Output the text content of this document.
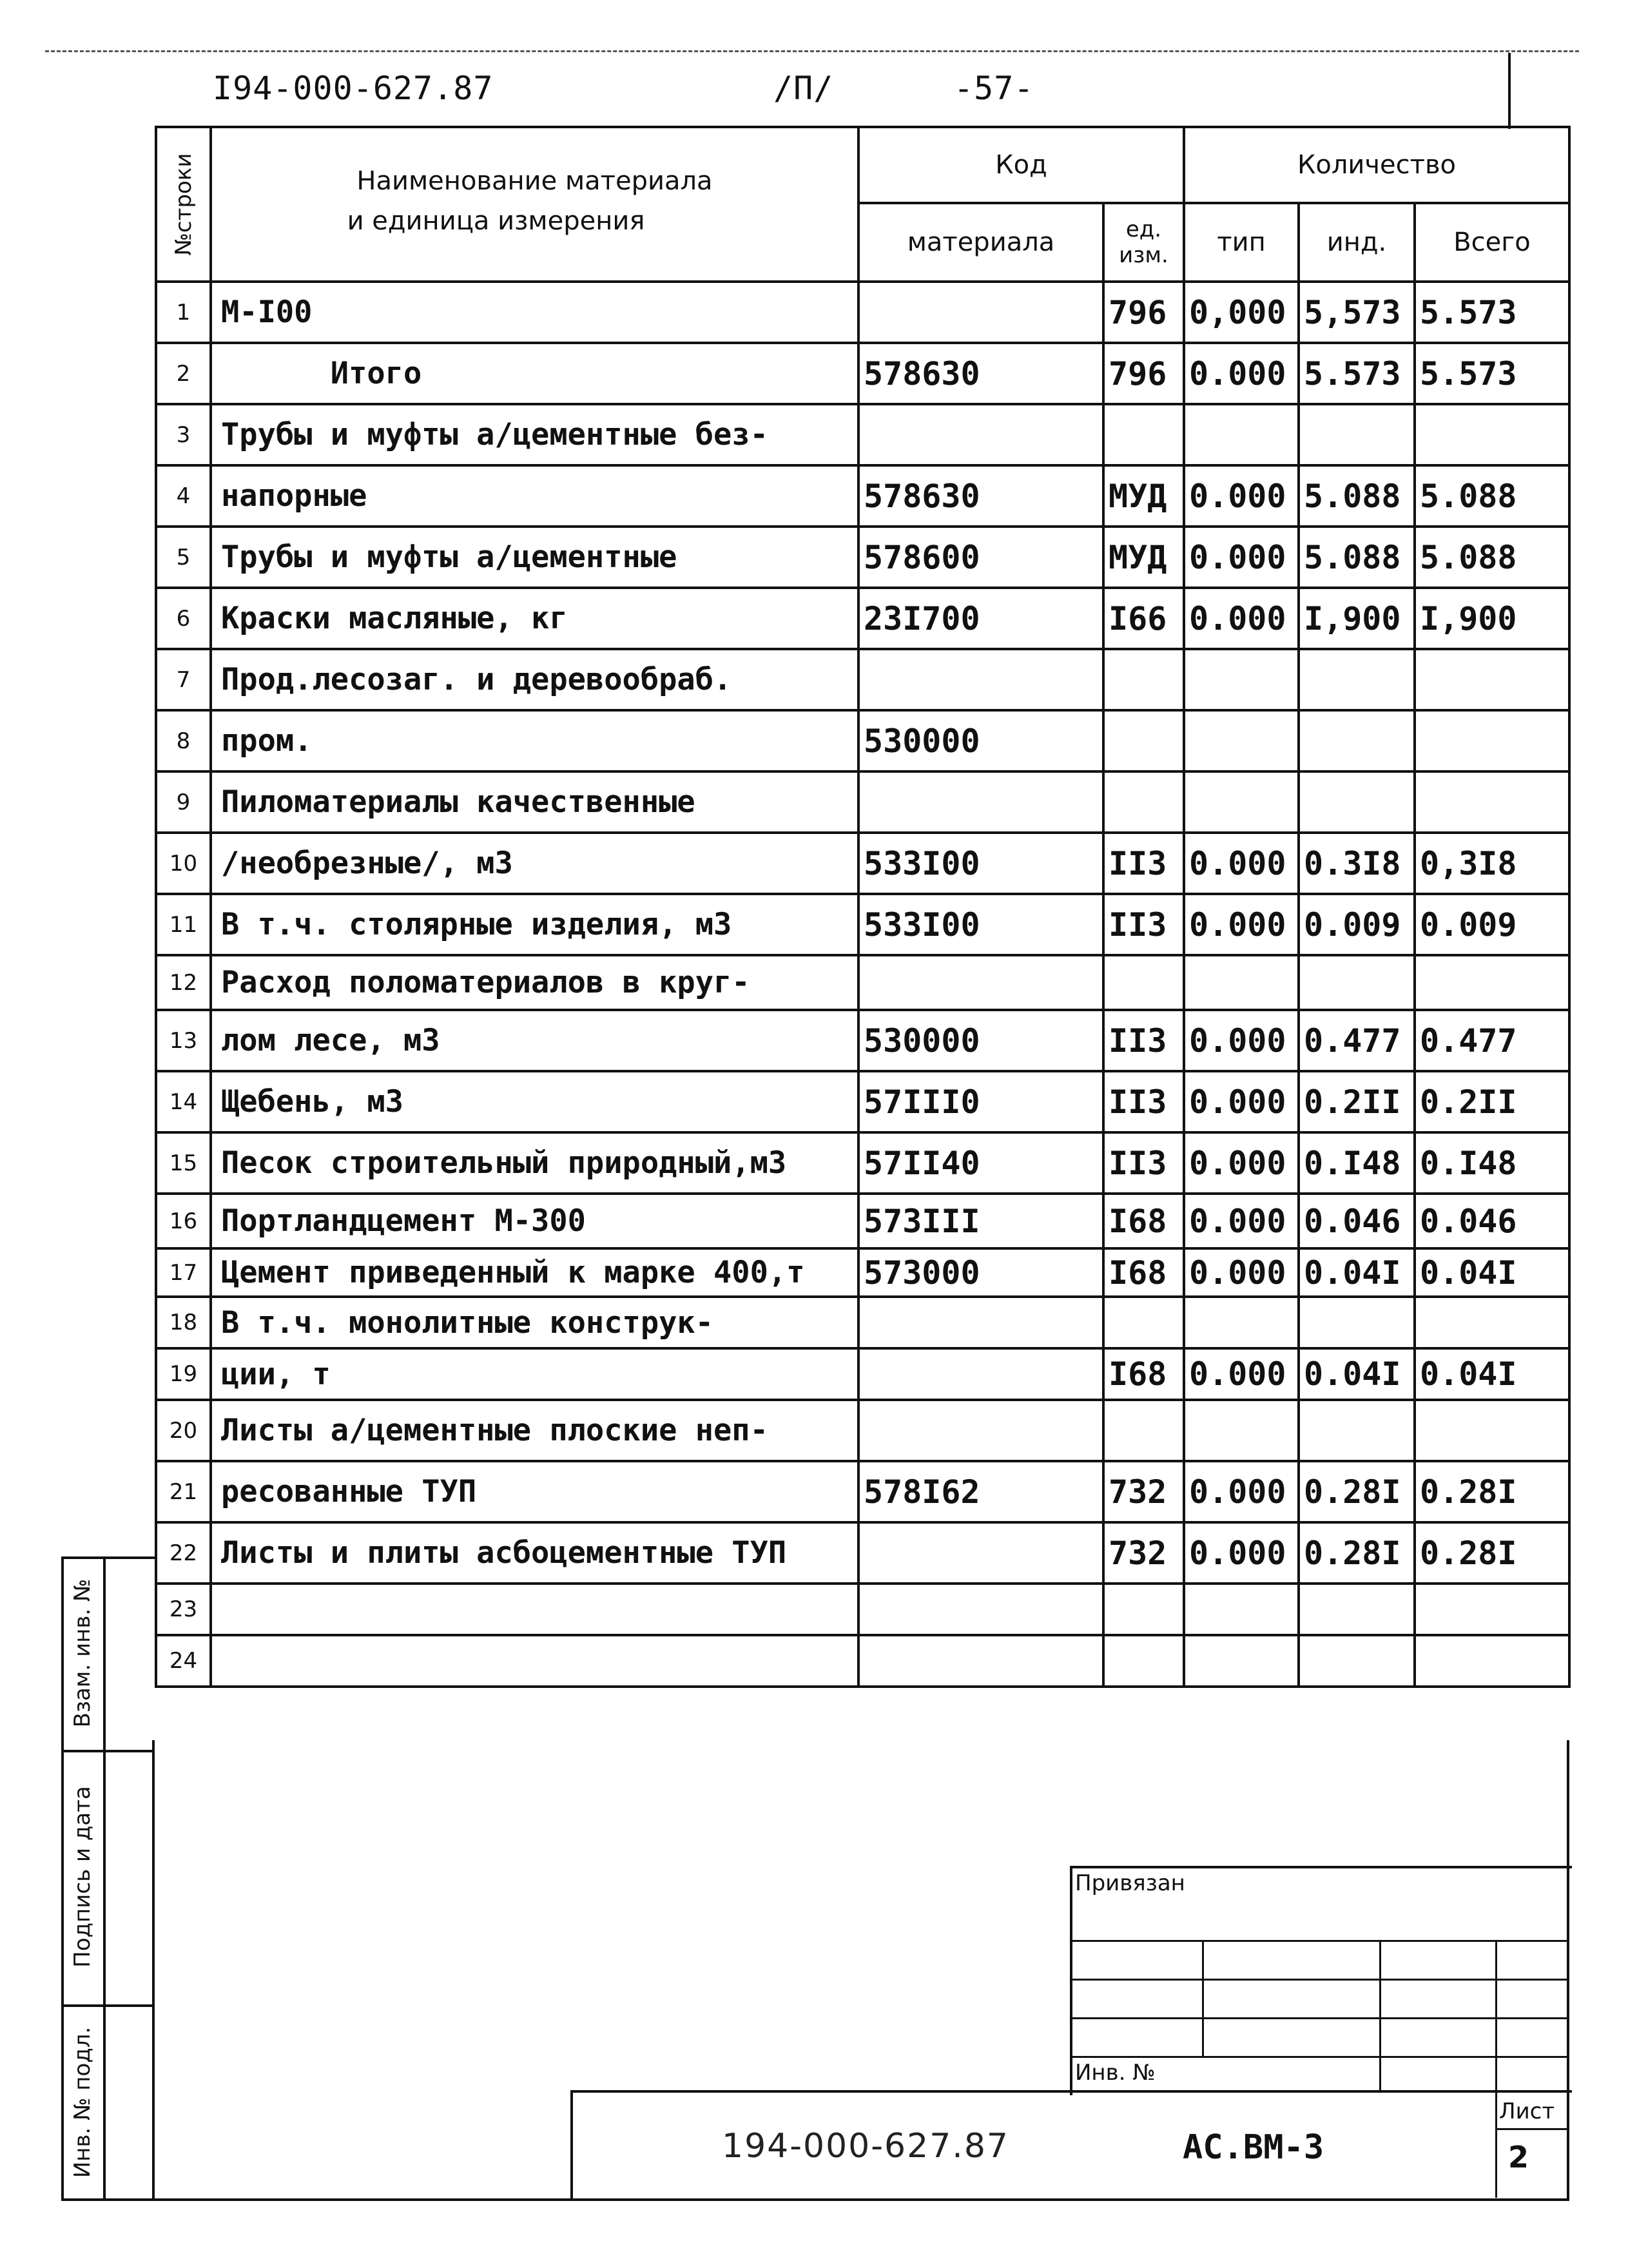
I94-000-627.87	/П/	-57-
№строки	Наименование материала
и единица измерения	Код		Количество		

		материала	ед. изм.	тип	инд.	Всего

1	М-I00		796	0,000	5,573	5.573

2	Итого	578630	796	0.000	5.573	5.573

3	Трубы и муфты а/цементные без-					

4	напорные	578630	МУД	0.000	5.088	5.088

5	Трубы и муфты а/цементные	578600	МУД	0.000	5.088	5.088

6	Краски масляные, кг	23I700	I66	0.000	I,900	I,900

7	Прод.лесозаг. и деревообраб.					

8	пром.	530000				

9	Пиломатериалы качественные					

10	/необрезные/, м3	533I00	II3	0.000	0.3I8	0,3I8

11	В т.ч. столярные изделия, м3	533I00	II3	0.000	0.009	0.009

12	Расход поломатериалов в круг-					

13	лом лесе, м3	530000	II3	0.000	0.477	0.477

14	Щебень, м3	57III0	II3	0.000	0.2II	0.2II

15	Песок строительный природный,м3	57II40	II3	0.000	0.I48	0.I48

16	Портландцемент М-300	573III	I68	0.000	0.046	0.046

17	Цемент приведенный к марке 400,т	573000	I68	0.000	0.04I	0.04I

18	В т.ч. монолитные конструк-					

19	ции, т		I68	0.000	0.04I	0.04I

20	Листы а/цементные плоские неп-					

21	ресованные ТУП	578I62	732	0.000	0.28I	0.28I

22	Листы и плиты асбоцементные ТУП		732	0.000	0.28I	0.28I

23						

24						

Взам. инв. №
Подпись и дата
Инв. № подл.
Привязан
Инв. №
194-000-627.87	АС.ВМ-3
Лист
2
